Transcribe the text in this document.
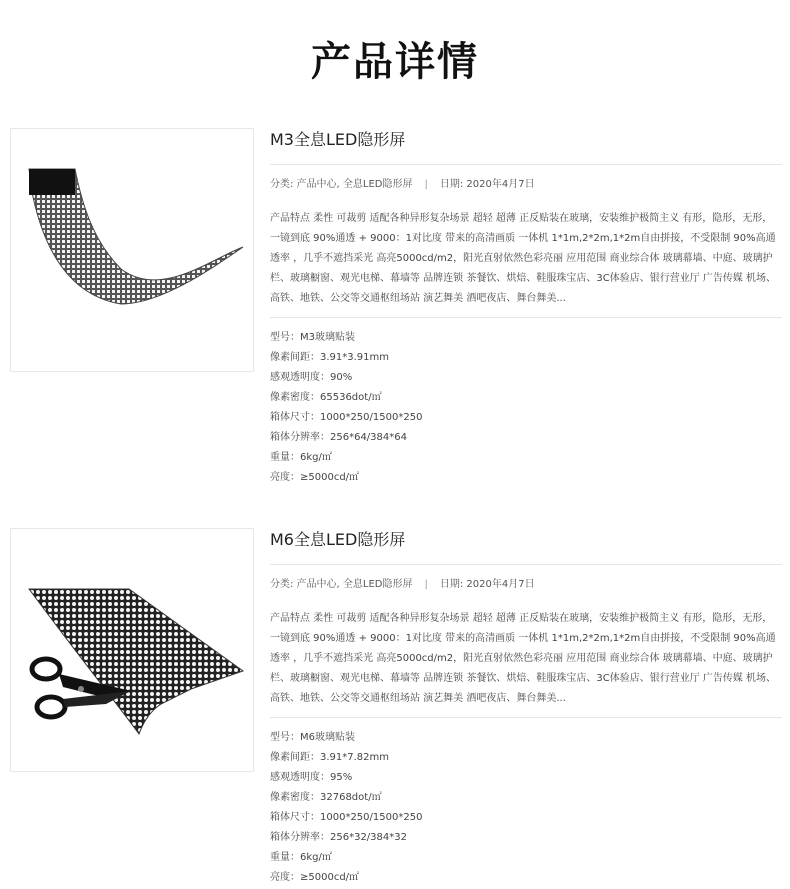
产品详情
M3全息LED隐形屏
分类: 产品中心, 全息LED隐形屏 | 日期: 2020年4月7日
产品特点 柔性 可裁剪 适配各种异形复杂场景 超轻 超薄 正反贴装在玻璃，安装维护极简主义 有形，隐形，无形，一镜到底 90%通透 + 9000：1对比度 带来的高清画质 一体机 1*1m,2*2m,1*2m自由拼接，不受限制 90%高通透率 ，几乎不遮挡采光 高亮5000cd/m2，阳光直射依然色彩亮丽 应用范围 商业综合体 玻璃幕墙、中庭、玻璃护栏、玻璃橱窗、观光电梯、幕墙等 品牌连锁 茶餐饮、烘焙、鞋服珠宝店、3C体验店、银行营业厅 广告传媒 机场、高铁、地铁、公交等交通枢纽场站 演艺舞美 酒吧夜店、舞台舞美...
型号：M3玻璃贴装
像素间距：3.91*3.91mm
感观透明度：90%
像素密度：65536dot/㎡
箱体尺寸：1000*250/1500*250
箱体分辨率：256*64/384*64
重量：6kg/㎡
亮度：≥5000cd/㎡
M6全息LED隐形屏
分类: 产品中心, 全息LED隐形屏 | 日期: 2020年4月7日
产品特点 柔性 可裁剪 适配各种异形复杂场景 超轻 超薄 正反贴装在玻璃，安装维护极简主义 有形，隐形，无形，一镜到底 90%通透 + 9000：1对比度 带来的高清画质 一体机 1*1m,2*2m,1*2m自由拼接，不受限制 90%高通透率 ，几乎不遮挡采光 高亮5000cd/m2，阳光直射依然色彩亮丽 应用范围 商业综合体 玻璃幕墙、中庭、玻璃护栏、玻璃橱窗、观光电梯、幕墙等 品牌连锁 茶餐饮、烘焙、鞋服珠宝店、3C体验店、银行营业厅 广告传媒 机场、高铁、地铁、公交等交通枢纽场站 演艺舞美 酒吧夜店、舞台舞美...
型号：M6玻璃贴装
像素间距：3.91*7.82mm
感观透明度：95%
像素密度：32768dot/㎡
箱体尺寸：1000*250/1500*250
箱体分辨率：256*32/384*32
重量：6kg/㎡
亮度：≥5000cd/㎡
